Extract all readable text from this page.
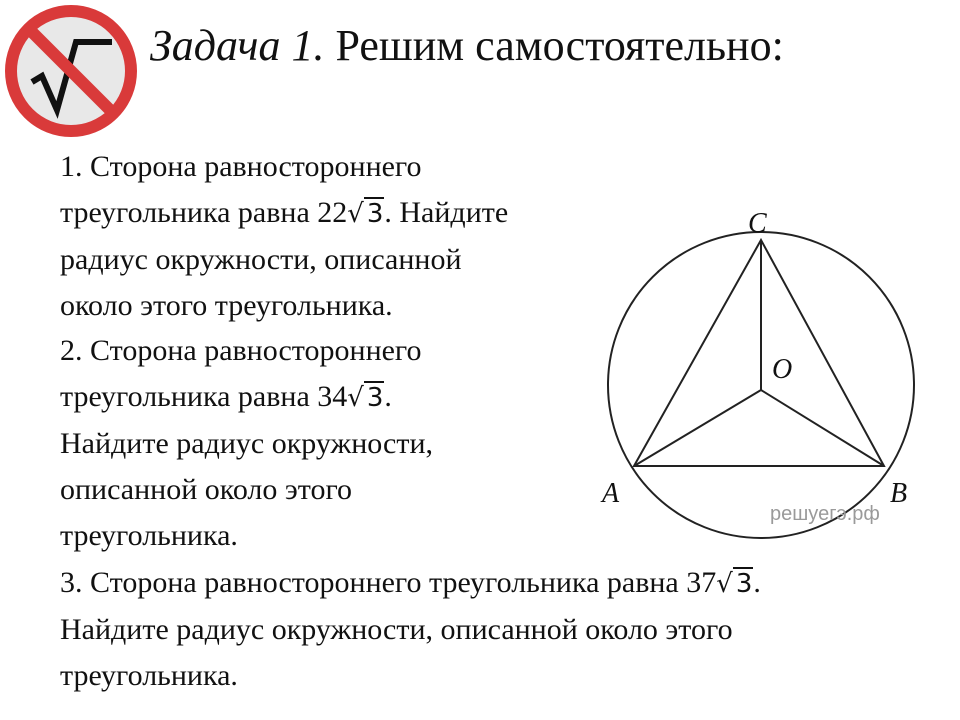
Задача 1. Решим самостоятельно:

1. Сторона равностороннего
треугольника равна 22√ 3. Найдите
радиус окружности, описанной
около этого треугольника.

2. Сторона равностороннего
треугольника равна 34√ 3.
Найдите радиус окружности,
описанной около этого
треугольника.

3. Сторона равностороннего треугольника равна 37√ 3.
Найдите радиус окружности, описанной около этого
треугольника.

C
A	B
O
решуегэ.рф
